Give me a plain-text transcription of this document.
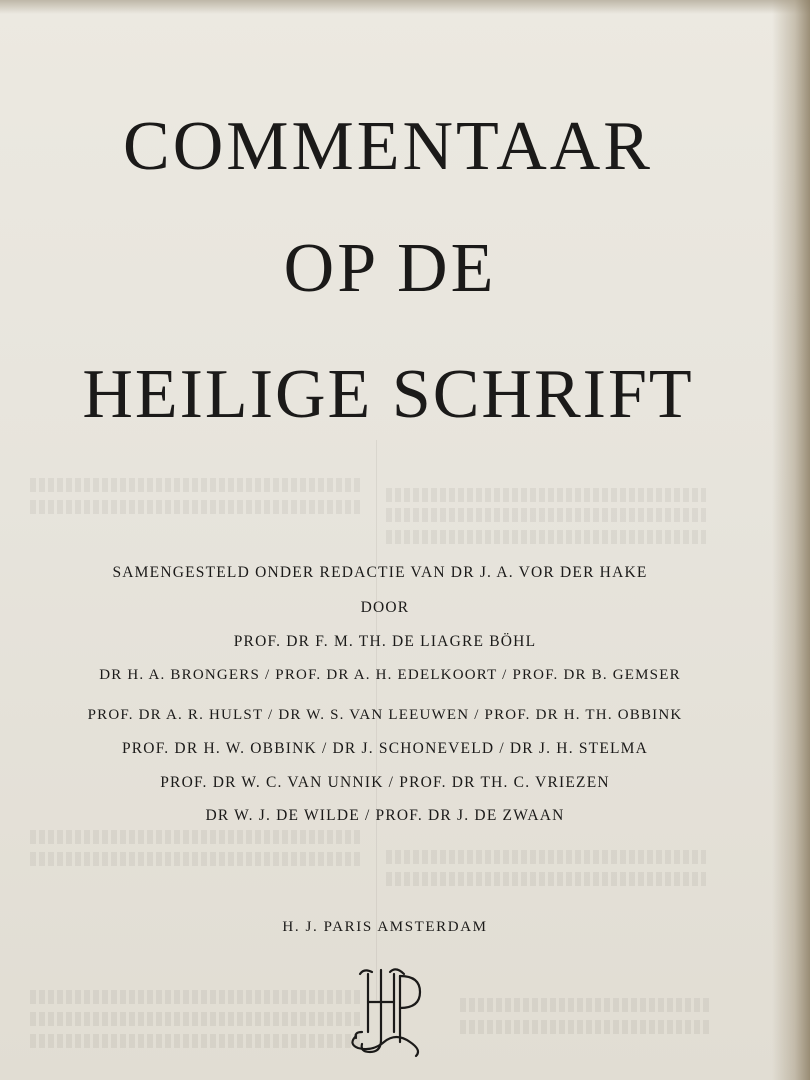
COMMENTAAR
OP DE
HEILIGE SCHRIFT
SAMENGESTELD ONDER REDACTIE VAN DR J. A. VOR DER HAKE
DOOR
PROF. DR F. M. TH. DE LIAGRE BÖHL
DR H. A. BRONGERS / PROF. DR A. H. EDELKOORT / PROF. DR B. GEMSER
PROF. DR A. R. HULST / DR W. S. VAN LEEUWEN / PROF. DR H. TH. OBBINK
PROF. DR H. W. OBBINK / DR J. SCHONEVELD / DR J. H. STELMA
PROF. DR W. C. VAN UNNIK / PROF. DR TH. C. VRIEZEN
DR W. J. DE WILDE / PROF. DR J. DE ZWAAN
H. J. PARIS AMSTERDAM
